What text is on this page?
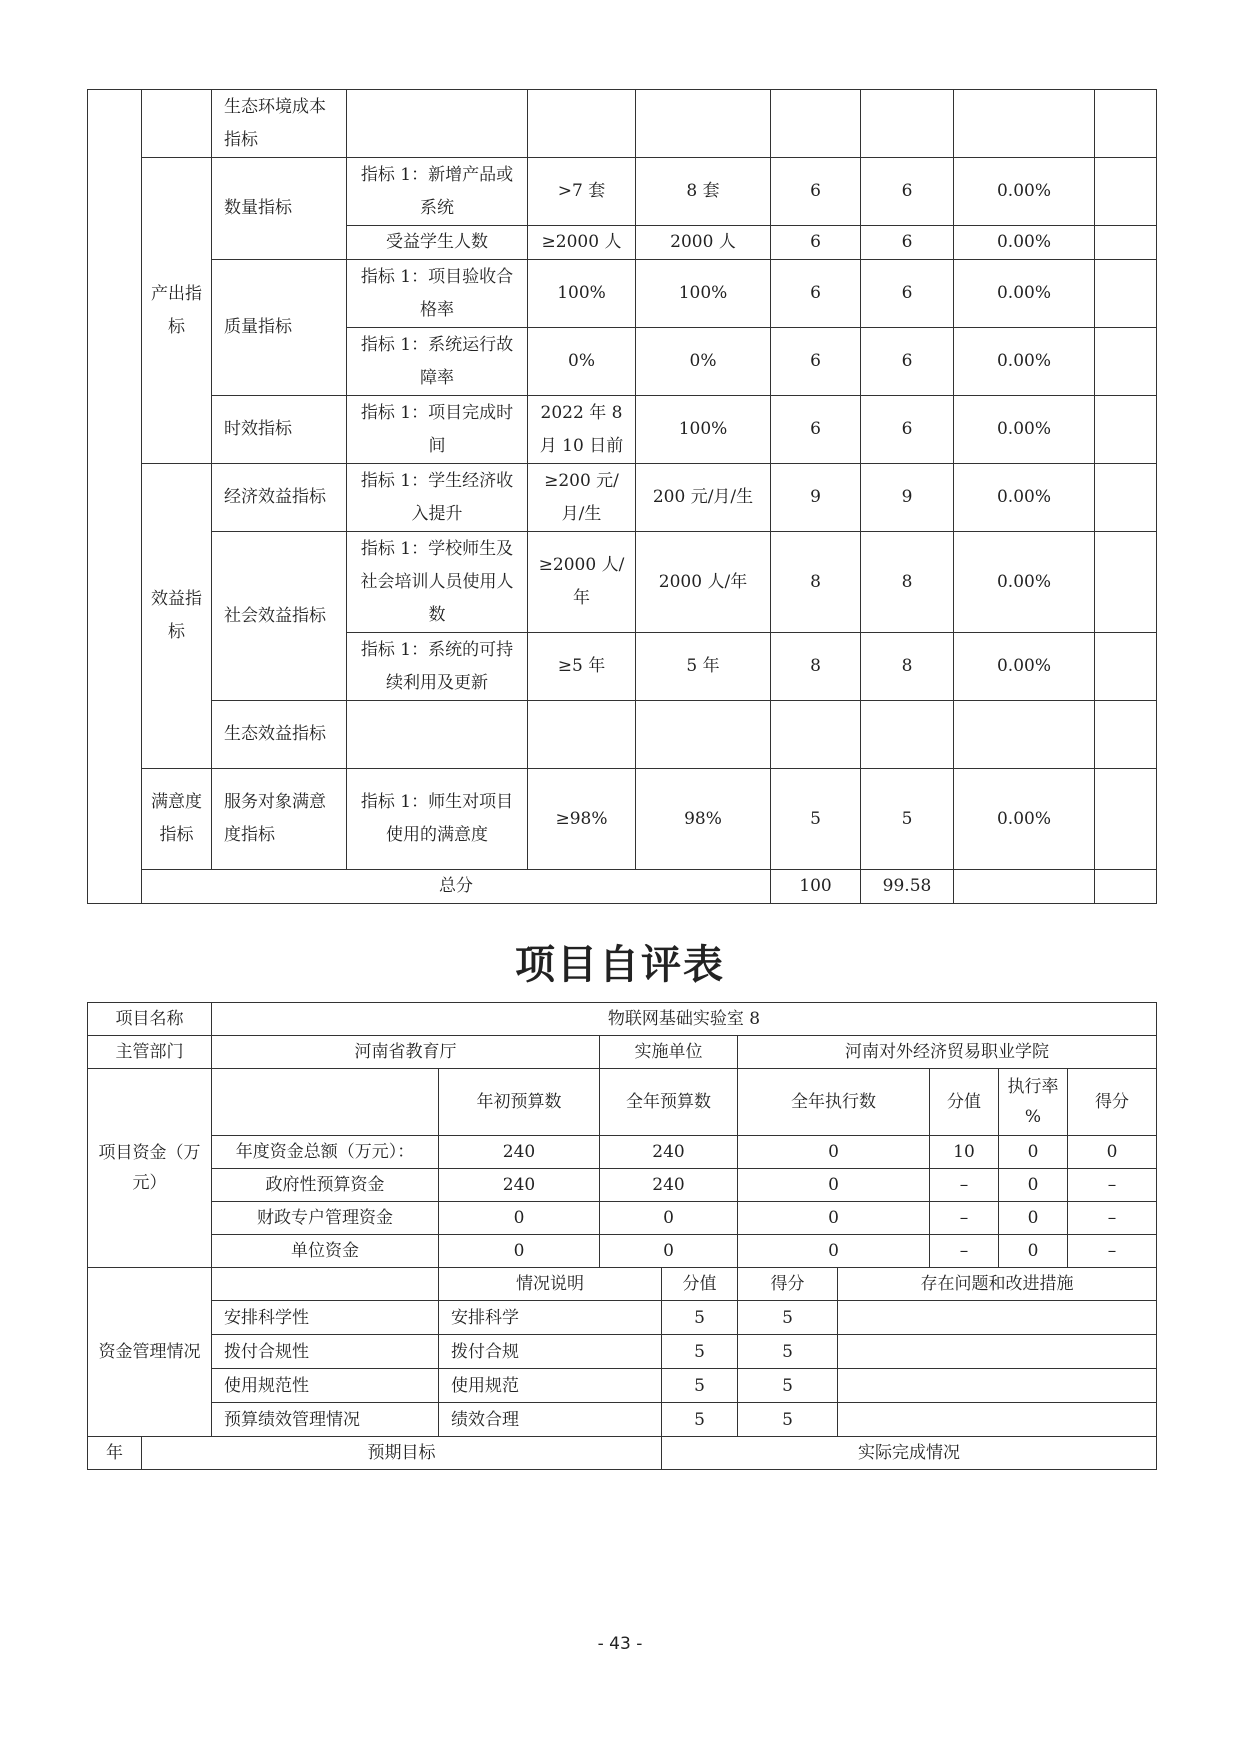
		生态环境成本指标							
	产出指标	数量指标	指标 1：新增产品或系统	>7 套	8 套	6	6	0.00%	
			受益学生人数	≥2000 人	2000 人	6	6	0.00%	
		质量指标	指标 1：项目验收合格率	100%	100%	6	6	0.00%	
			指标 1：系统运行故障率	0%	0%	6	6	0.00%	
		时效指标	指标 1：项目完成时间	2022 年 8 月 10 日前	100%	6	6	0.00%	
	效益指标	经济效益指标	指标 1：学生经济收入提升	≥200 元/月/生	200 元/月/生	9	9	0.00%	
		社会效益指标	指标 1：学校师生及社会培训人员使用人数	≥2000 人/年	2000 人/年	8	8	0.00%	
			指标 1：系统的可持续利用及更新	≥5 年	5 年	8	8	0.00%	
		生态效益指标							
	满意度指标	服务对象满意度指标	指标 1：师生对项目使用的满意度	≥98%	98%	5	5	0.00%	
	总分					100	99.58		
项目自评表
项目名称		物联网基础实验室 8								
主管部门		河南省教育厅		实施单位		河南对外经济贸易职业学院				
项目资金（万元）			年初预算数	全年预算数		全年执行数		分值	执行率 %	得分
		年度资金总额（万元）：	240	240		0		10	0	0
		政府性预算资金	240	240		0		–	0	–
		财政专户管理资金	0	0		0		–	0	–
		单位资金	0	0		0		–	0	–
资金管理情况			情况说明		分值	得分	存在问题和改进措施			
		安排科学性	安排科学		5	5				
		拨付合规性	拨付合规		5	5				
		使用规范性	使用规范		5	5				
		预算绩效管理情况	绩效合理		5	5				
年	预期目标				实际完成情况					
- 43 -
